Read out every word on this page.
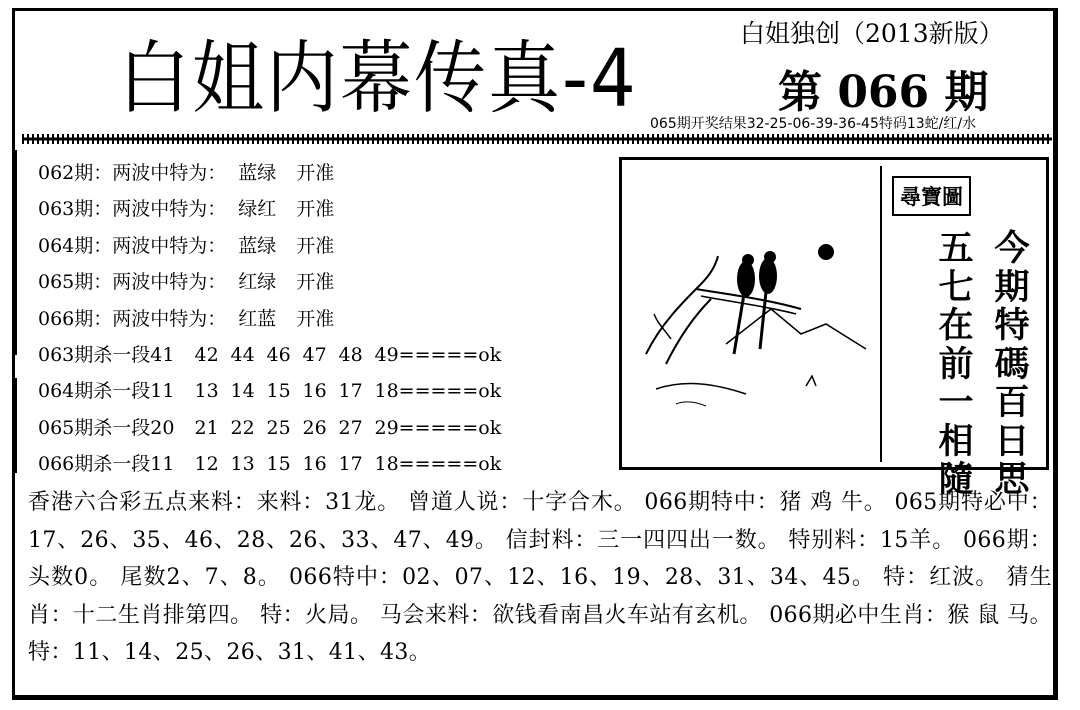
白姐内幕传真-4	白姐独创（2013新版）
第 066 期
065期开奖结果32-25-06-39-36-45特码13蛇/红/水
062期：两波中特为： 蓝绿 开准
063期：两波中特为： 绿红 开准
064期：两波中特为： 蓝绿 开准
065期：两波中特为： 红绿 开准
066期：两波中特为： 红蓝 开准
063期杀一段41 42 44 46 47 48 49=====ok
064期杀一段11 13 14 15 16 17 18=====ok
065期杀一段20 21 22 25 26 27 29=====ok
066期杀一段11 12 13 15 16 17 18=====ok
尋寶圖
今期特碼百日思
五七在前一相隨
香港六合彩五点来料：来料：31龙。 曾道人说：十字合木。 066期特中：猪 鸡 牛。 065期特必中：17、26、35、46、28、26、33、47、49。 信封料：三一四四出一数。 特别料：15羊。 066期：头数0。 尾数2、7、8。 066特中：02、07、12、16、19、28、31、34、45。 特：红波。 猜生肖：十二生肖排第四。 特：火局。 马会来料：欲钱看南昌火车站有玄机。 066期必中生肖：猴 鼠 马。 特：11、14、25、26、31、41、43。
